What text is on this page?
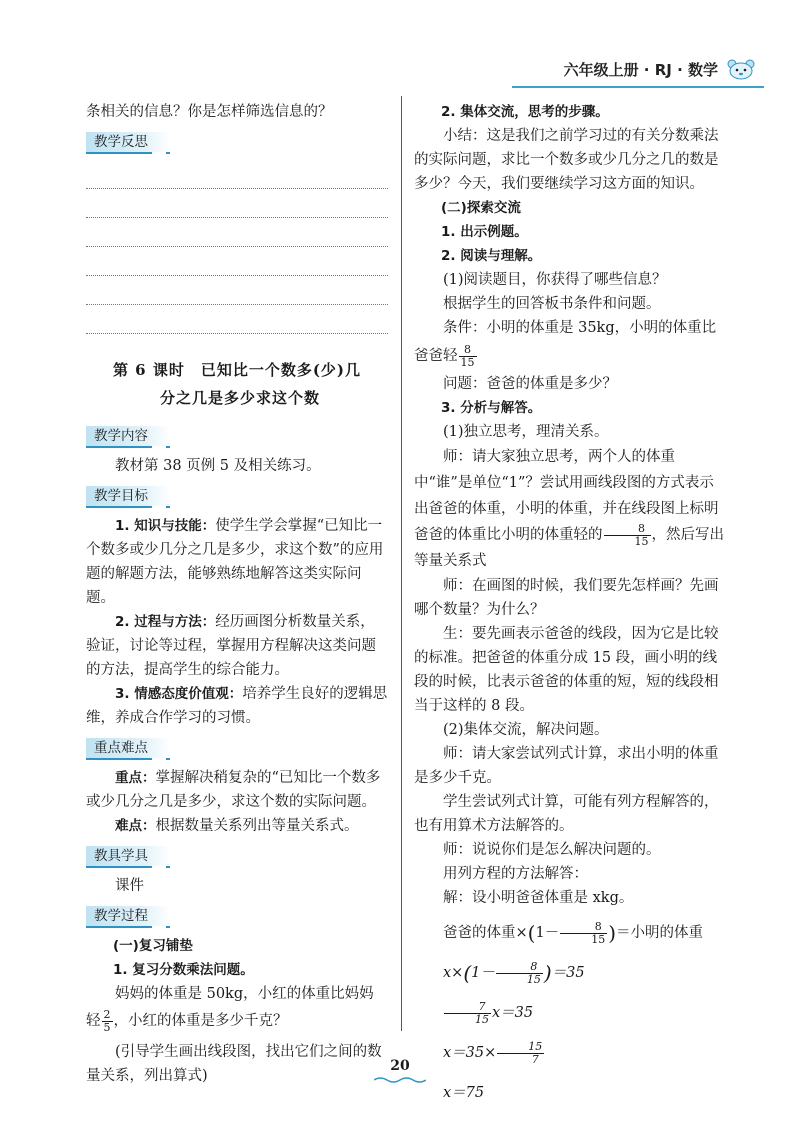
六年级上册 · RJ · 数学

条相关的信息？你是怎样筛选信息的？

教学反思
第 6 课时　已知比一个数多(少)几
分之几是多少求这个数
教学内容

教材第 38 页例 5 及相关练习。

教学目标

1. 知识与技能：使学生学会掌握“已知比一个数多或少几分之几是多少，求这个数”的应用题的解题方法，能够熟练地解答这类实际问题。

2. 过程与方法：经历画图分析数量关系，验证，讨论等过程，掌握用方程解决这类问题的方法，提高学生的综合能力。

3. 情感态度价值观：培养学生良好的逻辑思维，养成合作学习的习惯。

重点难点

重点：掌握解决稍复杂的“已知比一个数多或少几分之几是多少，求这个数的实际问题。

难点：根据数量关系列出等量关系式。

教具学具

课件

教学过程

(一)复习铺垫

1. 复习分数乘法问题。

妈妈的体重是 50kg，小红的体重比妈妈

轻 $\frac{2}{5}$ ，小红的体重是多少千克？

(引导学生画出线段图，找出它们之间的数量关系，列出算式)

2. 集体交流，思考的步骤。

小结：这是我们之前学习过的有关分数乘法的实际问题，求比一个数多或少几分之几的数是多少？今天，我们要继续学习这方面的知识。

(二)探索交流

1. 出示例题。

2. 阅读与理解。

(1)阅读题目，你获得了哪些信息？

根据学生的回答板书条件和问题。

条件：小明的体重是 35kg，小明的体重比

爸爸轻 $\frac{8}{15}$

问题：爸爸的体重是多少？

3. 分析与解答。

(1)独立思考，理清关系。

师：请大家独立思考，两个人的体重中“谁”是单位“1”？尝试用画线段图的方式表示出爸爸的体重，小明的体重，并在线段图上标明爸爸的体重比小明的体重轻的 $\frac{8}{15}$ ，然后写出等量关系式

师：在画图的时候，我们要先怎样画？先画哪个数量？为什么？

生：要先画表示爸爸的线段，因为它是比较的标准。把爸爸的体重分成 15 段，画小明的线段的时候，比表示爸爸的体重的短，短的线段相当于这样的 8 段。

(2)集体交流，解决问题。

师：请大家尝试列式计算，求出小明的体重是多少千克。

学生尝试列式计算，可能有列方程解答的，也有用算术方法解答的。

师：说说你们是怎么解决问题的。

用列方程的方法解答：

解：设小明爸爸体重是 xkg。

爸爸的体重$\times(1- \frac{8}{15}$ )＝小明的体重

$x\times(1- \frac{8}{15} )=35$

$\frac{7}{15} x=35$

$x=35\times \frac{15}{7}$

x＝75

20
